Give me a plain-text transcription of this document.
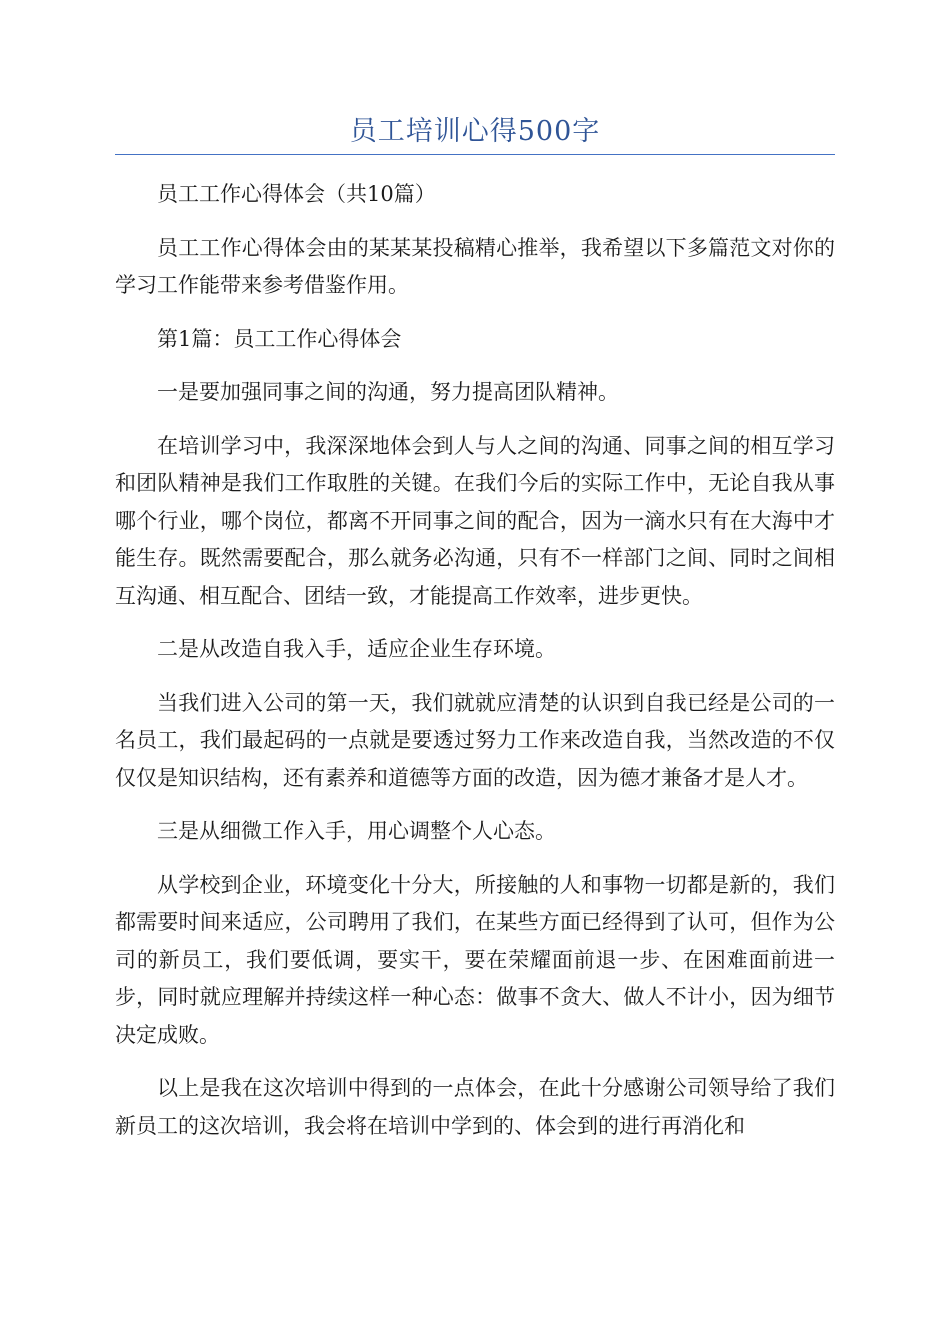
员工培训心得500字

员工工作心得体会（共10篇）

员工工作心得体会由的某某某投稿精心推举，我希望以下多篇范文对你的学习工作能带来参考借鉴作用。

第1篇：员工工作心得体会

一是要加强同事之间的沟通，努力提高团队精神。

在培训学习中，我深深地体会到人与人之间的沟通、同事之间的相互学习和团队精神是我们工作取胜的关键。在我们今后的实际工作中，无论自我从事哪个行业，哪个岗位，都离不开同事之间的配合，因为一滴水只有在大海中才能生存。既然需要配合，那么就务必沟通，只有不一样部门之间、同时之间相互沟通、相互配合、团结一致，才能提高工作效率，进步更快。

二是从改造自我入手，适应企业生存环境。

当我们进入公司的第一天，我们就就应清楚的认识到自我已经是公司的一名员工，我们最起码的一点就是要透过努力工作来改造自我，当然改造的不仅仅仅是知识结构，还有素养和道德等方面的改造，因为德才兼备才是人才。

三是从细微工作入手，用心调整个人心态。

从学校到企业，环境变化十分大，所接触的人和事物一切都是新的，我们都需要时间来适应，公司聘用了我们，在某些方面已经得到了认可，但作为公司的新员工，我们要低调，要实干，要在荣耀面前退一步、在困难面前进一步，同时就应理解并持续这样一种心态：做事不贪大、做人不计小，因为细节决定成败。

以上是我在这次培训中得到的一点体会，在此十分感谢公司领导给了我们新员工的这次培训，我会将在培训中学到的、体会到的进行再消化和
